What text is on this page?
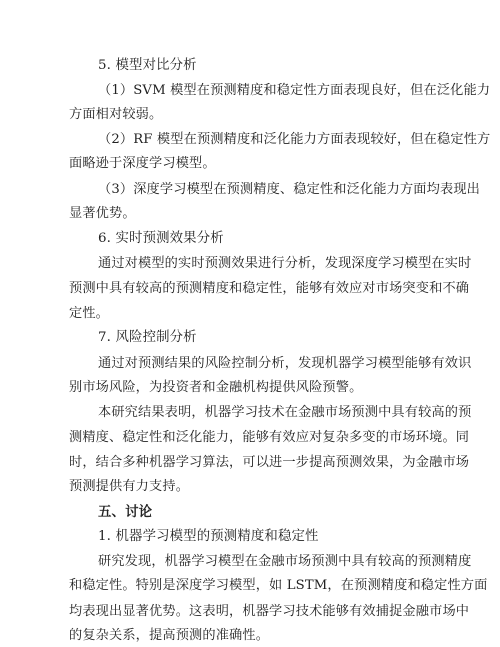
5. 模型对比分析
（1）SVM 模型在预测精度和稳定性方面表现良好，但在泛化能力
方面相对较弱。
（2）RF 模型在预测精度和泛化能力方面表现较好，但在稳定性方
面略逊于深度学习模型。
（3）深度学习模型在预测精度、稳定性和泛化能力方面均表现出
显著优势。
6. 实时预测效果分析
通过对模型的实时预测效果进行分析，发现深度学习模型在实时
预测中具有较高的预测精度和稳定性，能够有效应对市场突变和不确
定性。
7. 风险控制分析
通过对预测结果的风险控制分析，发现机器学习模型能够有效识
别市场风险，为投资者和金融机构提供风险预警。
本研究结果表明，机器学习技术在金融市场预测中具有较高的预
测精度、稳定性和泛化能力，能够有效应对复杂多变的市场环境。同
时，结合多种机器学习算法，可以进一步提高预测效果，为金融市场
预测提供有力支持。
五、讨论
1. 机器学习模型的预测精度和稳定性
研究发现，机器学习模型在金融市场预测中具有较高的预测精度
和稳定性。特别是深度学习模型，如 LSTM，在预测精度和稳定性方面
均表现出显著优势。这表明，机器学习技术能够有效捕捉金融市场中
的复杂关系，提高预测的准确性。
